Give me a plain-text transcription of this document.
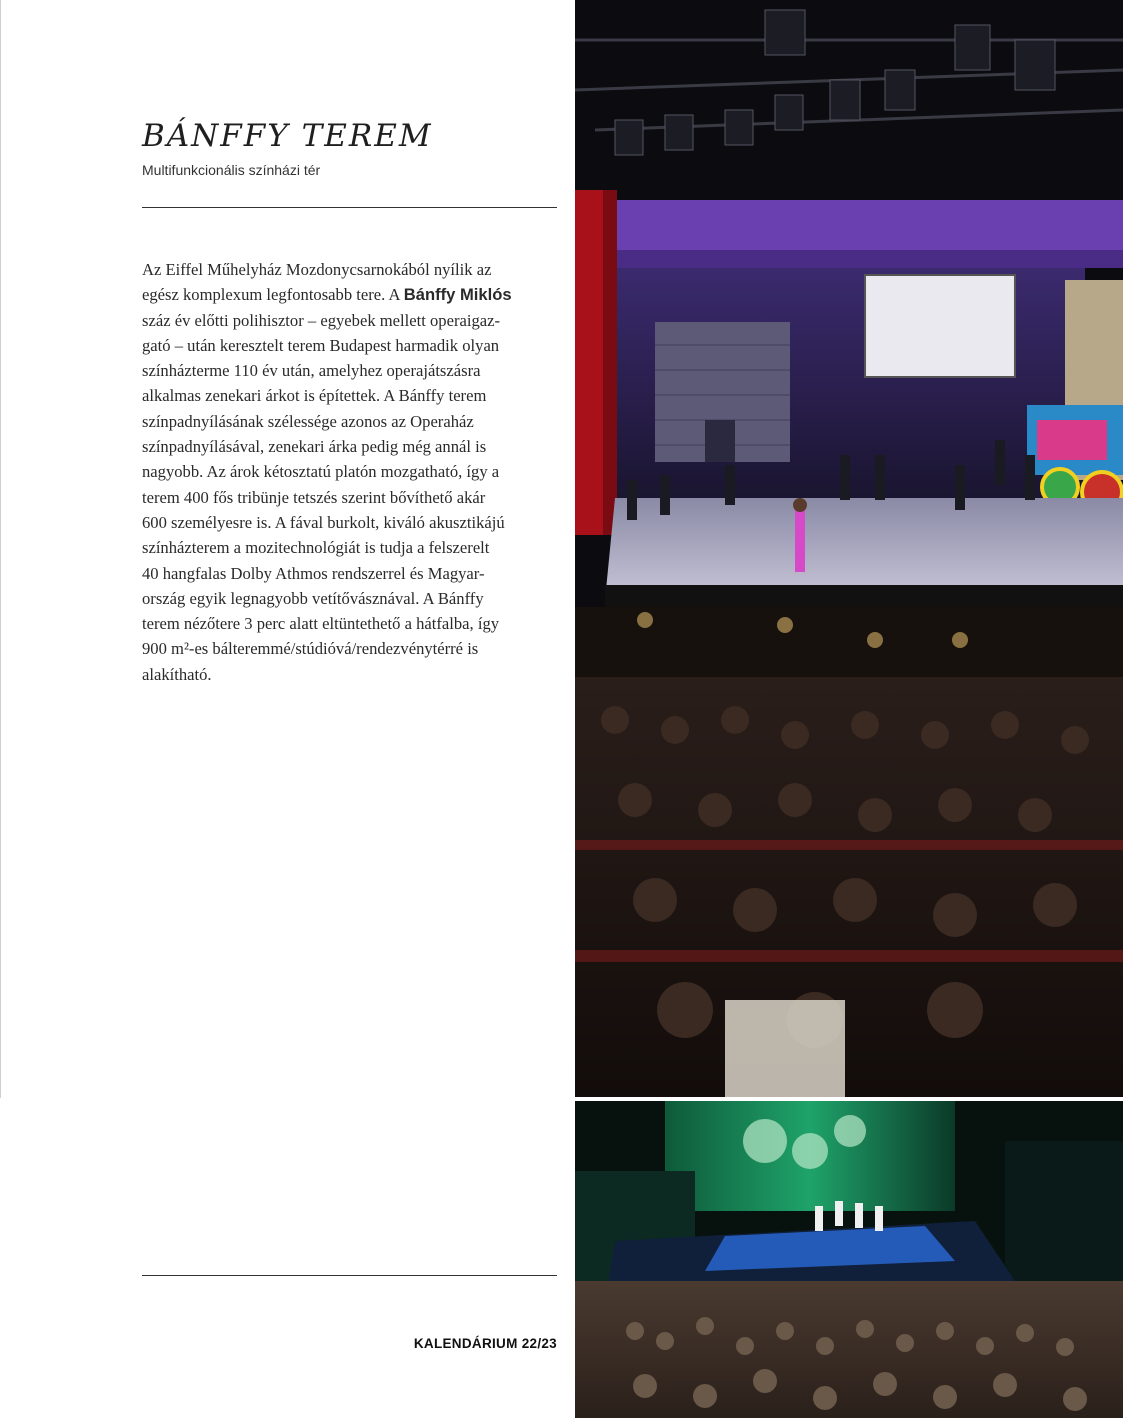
BÁNFFY TEREM

Multifunkcionális színházi tér

Az Eiffel Műhelyház Mozdonycsarnokából nyílik az
egész komplexum legfontosabb tere. A Bánffy Miklós
száz év előtti polihisztor – egyebek mellett operaigaz-
gató – után keresztelt terem Budapest harmadik olyan
színházterme 110 év után, amelyhez operajátszásra
alkalmas zenekari árkot is építettek. A Bánffy terem
színpadnyílásának szélessége azonos az Operaház
színpadnyílásával, zenekari árka pedig még annál is
nagyobb. Az árok kétosztatú platón mozgatható, így a
terem 400 fős tribünje tetszés szerint bővíthető akár
600 személyesre is. A fával burkolt, kiváló akusztikájú
színházterem a mozitechnológiát is tudja a felszerelt
40 hangfalas Dolby Athmos rendszerrel és Magyar-
ország egyik legnagyobb vetítővásznával. A Bánffy
terem nézőtere 3 perc alatt eltüntethető a hátfalba, így
900 m²-es bálteremmé/stúdióvá/rendezvénytérré is
alakítható.

KALENDÁRIUM 22/23
